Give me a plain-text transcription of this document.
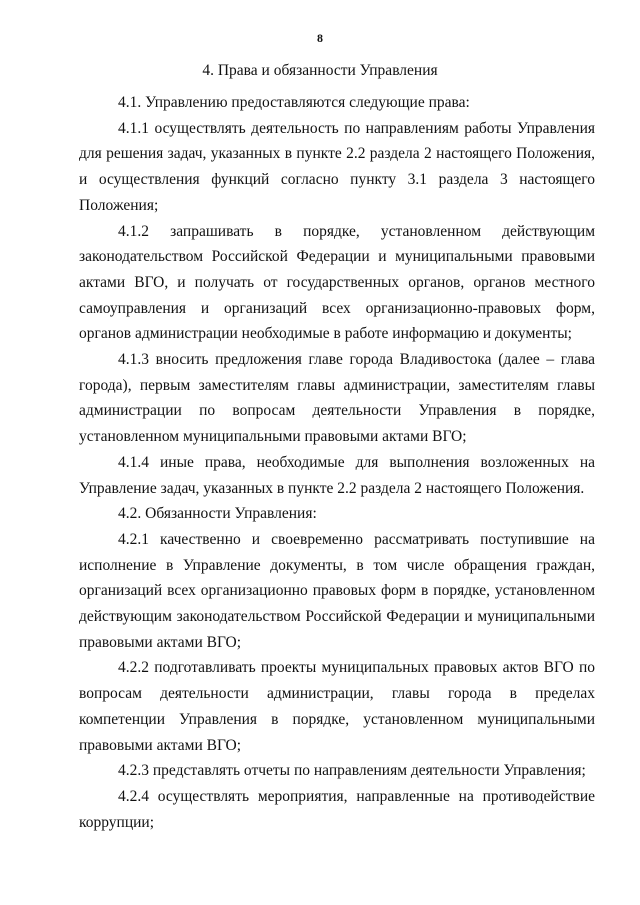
8
4. Права и обязанности Управления

4.1. Управлению предоставляются следующие права:

4.1.1 осуществлять деятельность по направлениям работы Управления для решения задач, указанных в пункте 2.2 раздела 2 настоящего Положения, и осуществления функций согласно пункту 3.1 раздела 3 настоящего Положения;

4.1.2 запрашивать в порядке, установленном действующим законодательством Российской Федерации и муниципальными правовыми актами ВГО, и получать от государственных органов, органов местного самоуправления и организаций всех организационно-правовых форм, органов администрации необходимые в работе информацию и документы;

4.1.3 вносить предложения главе города Владивостока (далее – глава города), первым заместителям главы администрации, заместителям главы администрации по вопросам деятельности Управления в порядке, установленном муниципальными правовыми актами ВГО;

4.1.4 иные права, необходимые для выполнения возложенных на Управление задач, указанных в пункте 2.2 раздела 2 настоящего Положения.

4.2. Обязанности Управления:

4.2.1 качественно и своевременно рассматривать поступившие на исполнение в Управление документы, в том числе обращения граждан, организаций всех организационно правовых форм в порядке, установленном действующим законодательством Российской Федерации и муниципальными правовыми актами ВГО;

4.2.2 подготавливать проекты муниципальных правовых актов ВГО по вопросам деятельности администрации, главы города в пределах компетенции Управления в порядке, установленном муниципальными правовыми актами ВГО;

4.2.3 представлять отчеты по направлениям деятельности Управления;

4.2.4 осуществлять мероприятия, направленные на противодействие коррупции;
